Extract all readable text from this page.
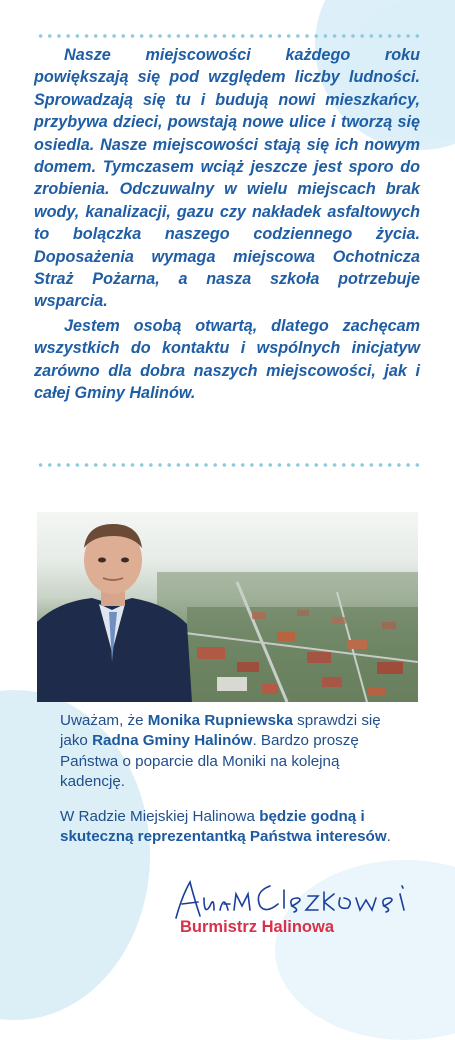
Nasze miejscowości każdego roku powiększają się pod względem liczby ludności. Sprowadzają się tu i budują nowi mieszkańcy, przybywa dzieci, powstają nowe ulice i tworzą się osiedla. Nasze miejscowości stają się ich nowym domem. Tymczasem wciąż jeszcze jest sporo do zrobienia. Odczuwalny w wielu miejscach brak wody, kanalizacji, gazu czy nakładek asfaltowych to bolączka naszego codziennego życia. Doposażenia wymaga miejscowa Ochotnicza Straż Pożarna, a nasza szkoła potrzebuje wsparcia.

Jestem osobą otwartą, dlatego zachęcam wszystkich do kontaktu i wspólnych inicjatyw zarówno dla dobra naszych miejscowości, jak i całej Gminy Halinów.

Uważam, że Monika Rupniewska sprawdzi się jako Radna Gminy Halinów. Bardzo proszę Państwa o poparcie dla Moniki na kolejną kadencję.

W Radzie Miejskiej Halinowa będzie godną i skuteczną reprezentantką Państwa interesów.

Burmistrz Halinowa
